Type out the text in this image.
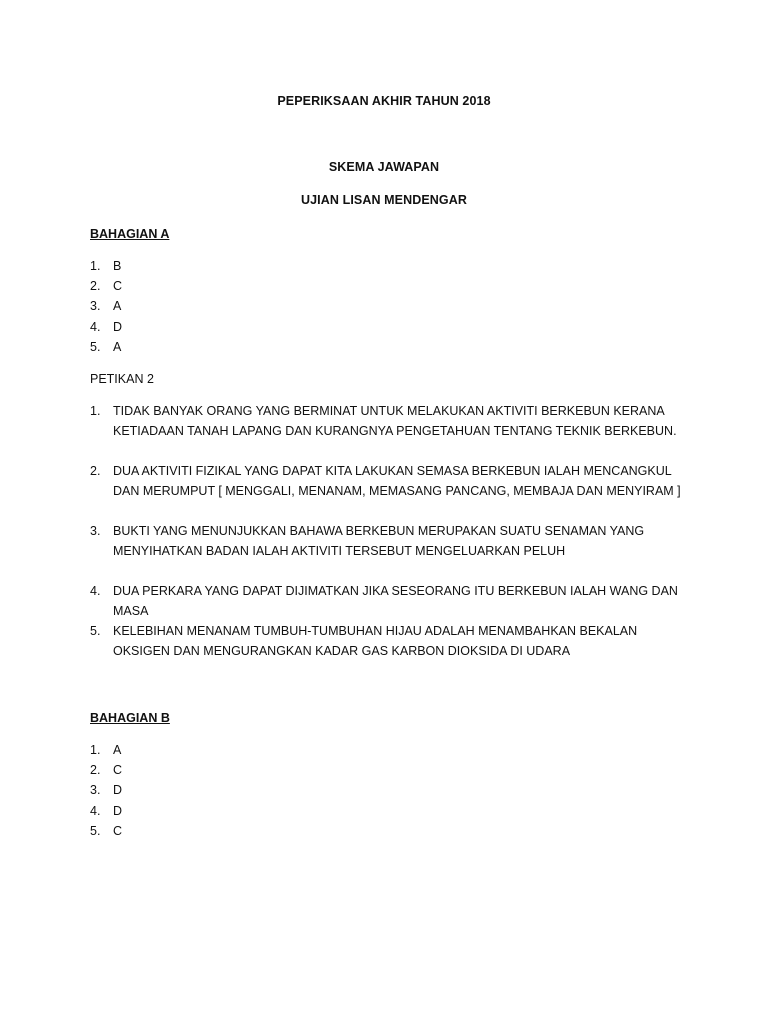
PEPERIKSAAN AKHIR TAHUN 2018
SKEMA JAWAPAN
UJIAN LISAN MENDENGAR
BAHAGIAN A
1.	B
2.	C
3.	A
4.	D
5.	A
PETIKAN 2
1.	TIDAK BANYAK ORANG YANG BERMINAT UNTUK MELAKUKAN AKTIVITI BERKEBUN KERANA KETIADAAN TANAH LAPANG DAN KURANGNYA PENGETAHUAN TENTANG TEKNIK BERKEBUN.
2.	DUA AKTIVITI FIZIKAL YANG DAPAT KITA LAKUKAN SEMASA BERKEBUN IALAH MENCANGKUL DAN MERUMPUT [ MENGGALI, MENANAM, MEMASANG PANCANG, MEMBAJA DAN MENYIRAM ]
3.	BUKTI YANG MENUNJUKKAN BAHAWA BERKEBUN MERUPAKAN SUATU SENAMAN YANG MENYIHATKAN BADAN IALAH AKTIVITI TERSEBUT MENGELUARKAN PELUH
4.	DUA PERKARA YANG DAPAT DIJIMATKAN JIKA SESEORANG ITU BERKEBUN IALAH WANG DAN MASA
5.	KELEBIHAN MENANAM TUMBUH-TUMBUHAN HIJAU ADALAH MENAMBAHKAN BEKALAN OKSIGEN DAN MENGURANGKAN KADAR GAS KARBON DIOKSIDA DI UDARA
BAHAGIAN B
1.	A
2.	C
3.	D
4.	D
5.	C
